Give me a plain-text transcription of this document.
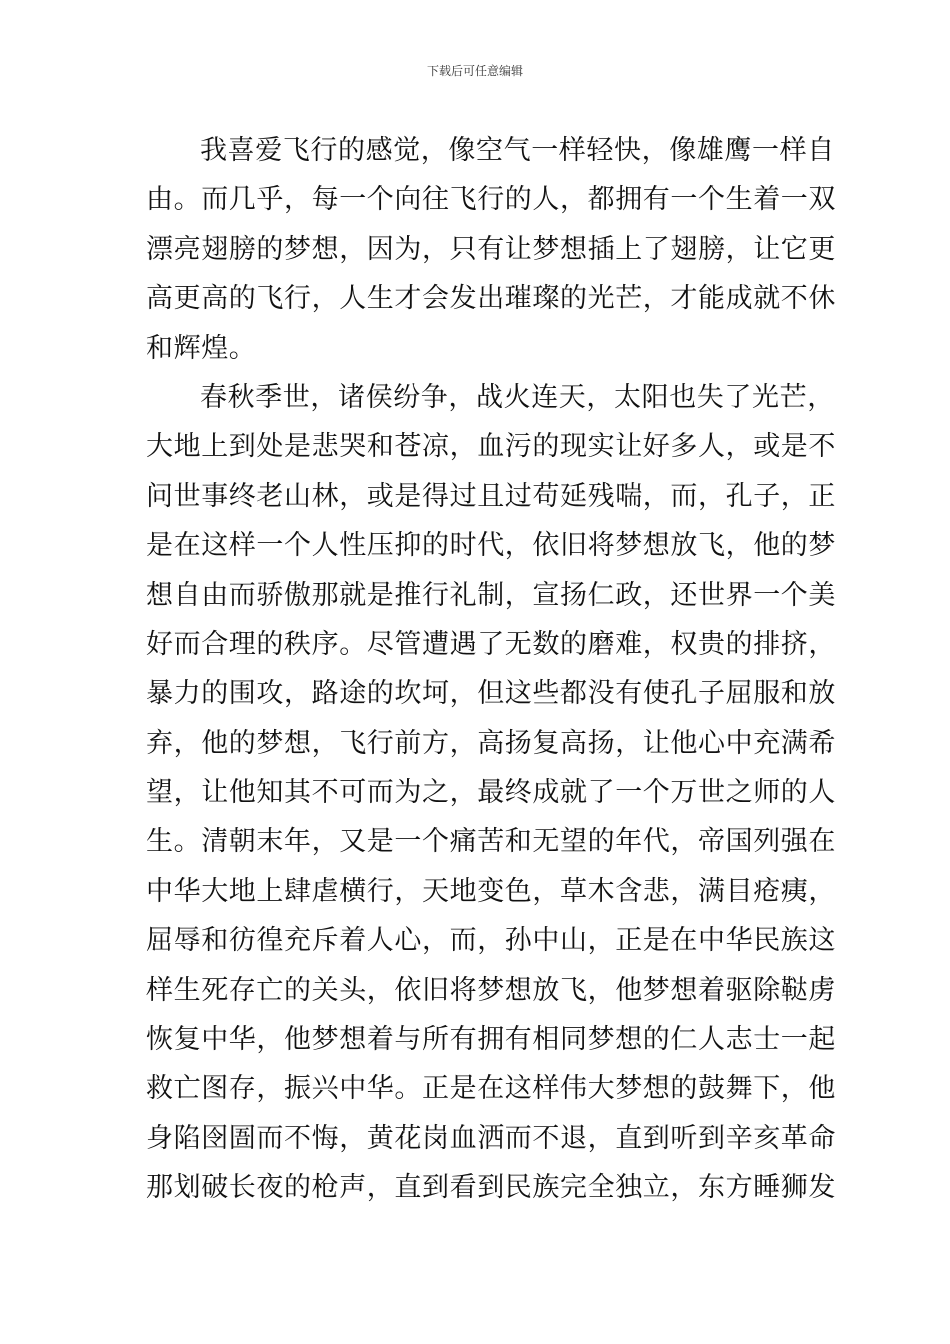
下载后可任意编辑
我喜爱飞行的感觉，像空气一样轻快，像雄鹰一样自
由。而几乎，每一个向往飞行的人，都拥有一个生着一双
漂亮翅膀的梦想，因为，只有让梦想插上了翅膀，让它更
高更高的飞行，人生才会发出璀璨的光芒，才能成就不休
和辉煌。
春秋季世，诸侯纷争，战火连天，太阳也失了光芒，
大地上到处是悲哭和苍凉，血污的现实让好多人，或是不
问世事终老山林，或是得过且过苟延残喘，而，孔子，正
是在这样一个人性压抑的时代，依旧将梦想放飞，他的梦
想自由而骄傲那就是推行礼制，宣扬仁政，还世界一个美
好而合理的秩序。尽管遭遇了无数的磨难，权贵的排挤，
暴力的围攻，路途的坎坷，但这些都没有使孔子屈服和放
弃，他的梦想，飞行前方，高扬复高扬，让他心中充满希
望，让他知其不可而为之，最终成就了一个万世之师的人
生。清朝末年，又是一个痛苦和无望的年代，帝国列强在
中华大地上肆虐横行，天地变色，草木含悲，满目疮痍，
屈辱和彷徨充斥着人心，而，孙中山，正是在中华民族这
样生死存亡的关头，依旧将梦想放飞，他梦想着驱除鞑虏
恢复中华，他梦想着与所有拥有相同梦想的仁人志士一起
救亡图存，振兴中华。正是在这样伟大梦想的鼓舞下，他
身陷囹圄而不悔，黄花岗血洒而不退，直到听到辛亥革命
那划破长夜的枪声，直到看到民族完全独立，东方睡狮发
